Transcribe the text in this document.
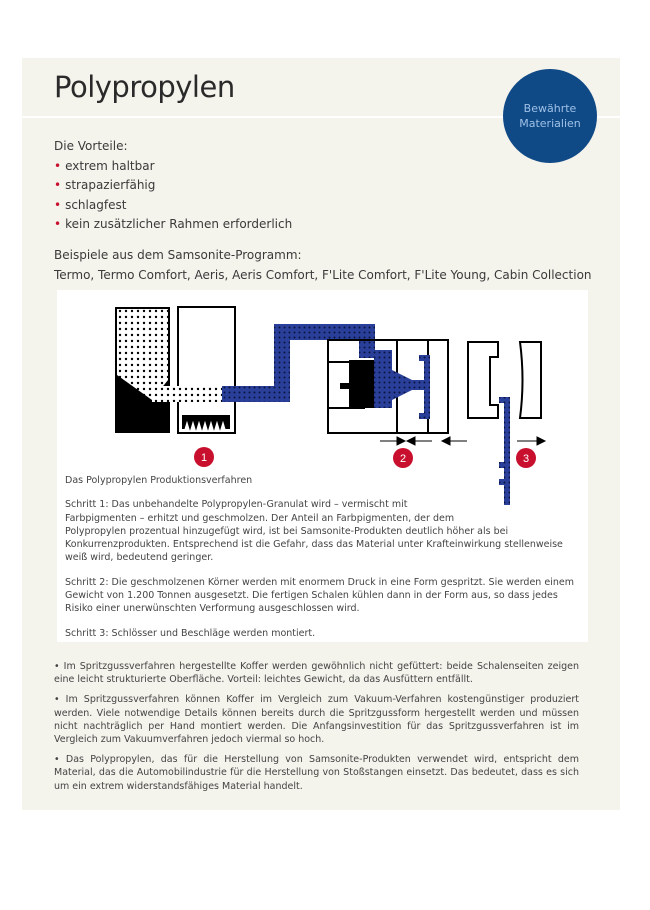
Polypropylen
Bewährte
Materialien
Die Vorteile:
• extrem haltbar
• strapazierfähig
• schlagfest
• kein zusätzlicher Rahmen erforderlich
Beispiele aus dem Samsonite-Programm:
Termo, Termo Comfort, Aeris, Aeris Comfort, F'Lite Comfort, F'Lite Young, Cabin Collection
1	2	3

Das Polypropylen Produktionsverfahren

Schritt 1: Das unbehandelte Polypropylen-Granulat wird – vermischt mit Farbpigmenten – erhitzt und geschmolzen. Der Anteil an Farbpigmenten, der dem Polypropylen prozentual hinzugefügt wird, ist bei Samsonite-Produkten deutlich höher als bei Konkurrenzprodukten. Entsprechend ist die Gefahr, dass das Material unter Krafteinwirkung stellenweise weiß wird, bedeutend geringer.

Schritt 2: Die geschmolzenen Körner werden mit enormem Druck in eine Form gespritzt. Sie werden einem Gewicht von 1.200 Tonnen ausgesetzt. Die fertigen Schalen kühlen dann in der Form aus, so dass jedes Risiko einer unerwünschten Verformung ausgeschlossen wird.

Schritt 3: Schlösser und Beschläge werden montiert.

• Im Spritzgussverfahren hergestellte Koffer werden gewöhnlich nicht gefüttert: beide Schalenseiten zeigen eine leicht strukturierte Oberfläche. Vorteil: leichtes Gewicht, da das Ausfüttern entfällt.

• Im Spritzgussverfahren können Koffer im Vergleich zum Vakuum-Verfahren kostengünstiger produziert werden. Viele notwendige Details können bereits durch die Spritzgussform hergestellt werden und müssen nicht nachträglich per Hand montiert werden. Die Anfangsinvestition für das Spritzgussverfahren ist im Vergleich zum Vakuumverfahren jedoch viermal so hoch.

• Das Polypropylen, das für die Herstellung von Samsonite-Produkten verwendet wird, entspricht dem Material, das die Automobilindustrie für die Herstellung von Stoßstangen einsetzt. Das bedeutet, dass es sich um ein extrem widerstandsfähiges Material handelt.
